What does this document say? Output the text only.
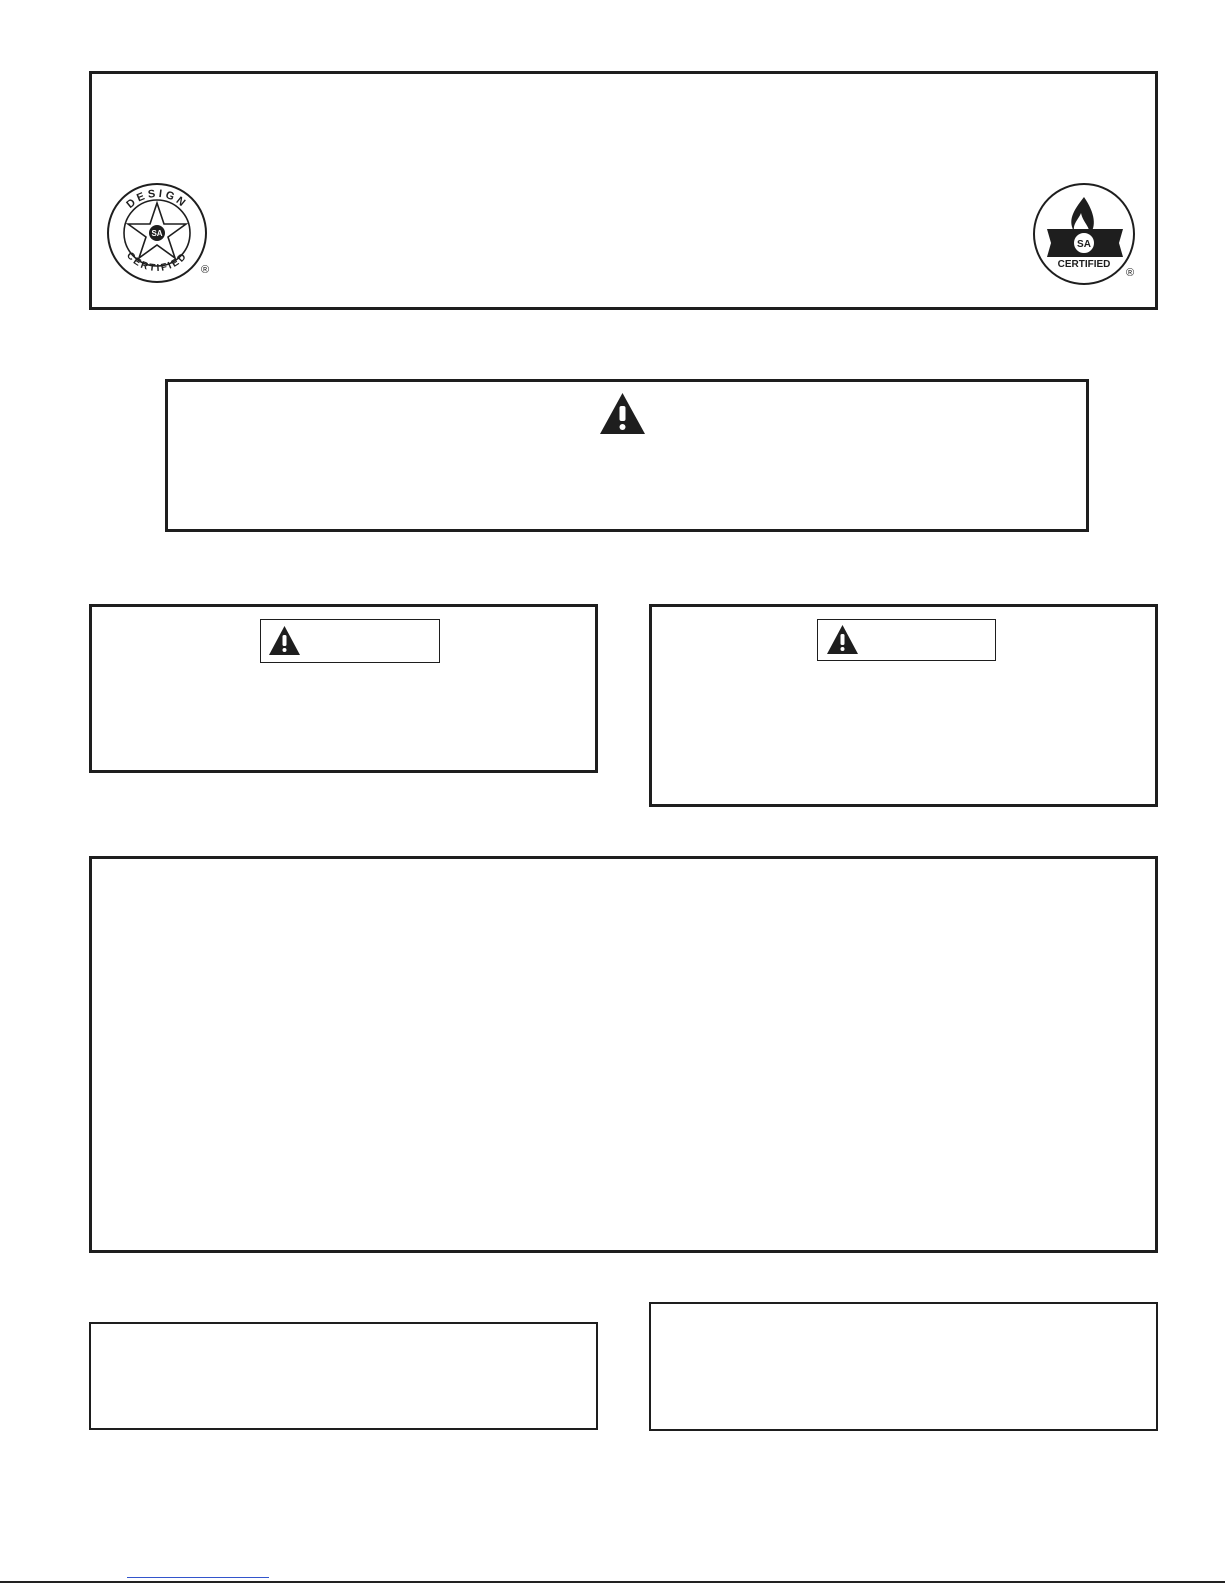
DESIGN
CERTIFIED
SA
®
SA
CERTIFIED
®
